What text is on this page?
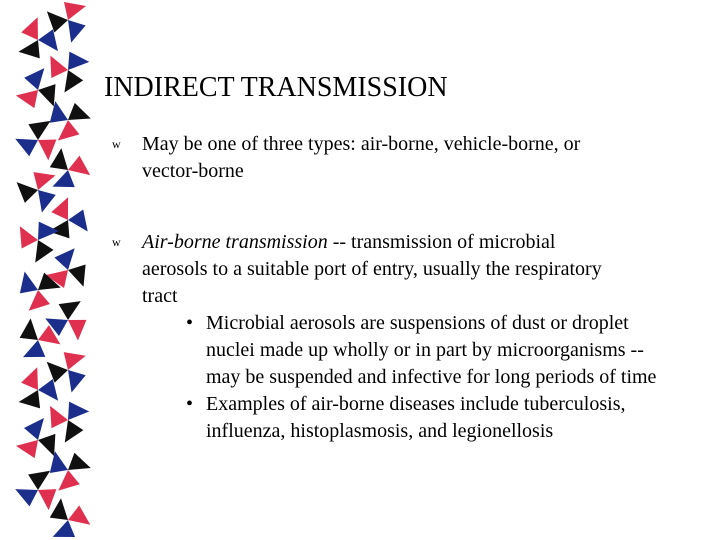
INDIRECT TRANSMISSION
w May be one of three types: air-borne, vehicle-borne, or
vector-borne
w Air-borne transmission -- transmission of microbial
aerosols to a suitable port of entry, usually the respiratory
tract
• Microbial aerosols are suspensions of dust or droplet
nuclei made up wholly or in part by microorganisms --
may be suspended and infective for long periods of time
• Examples of air-borne diseases include tuberculosis,
influenza, histoplasmosis, and legionellosis
